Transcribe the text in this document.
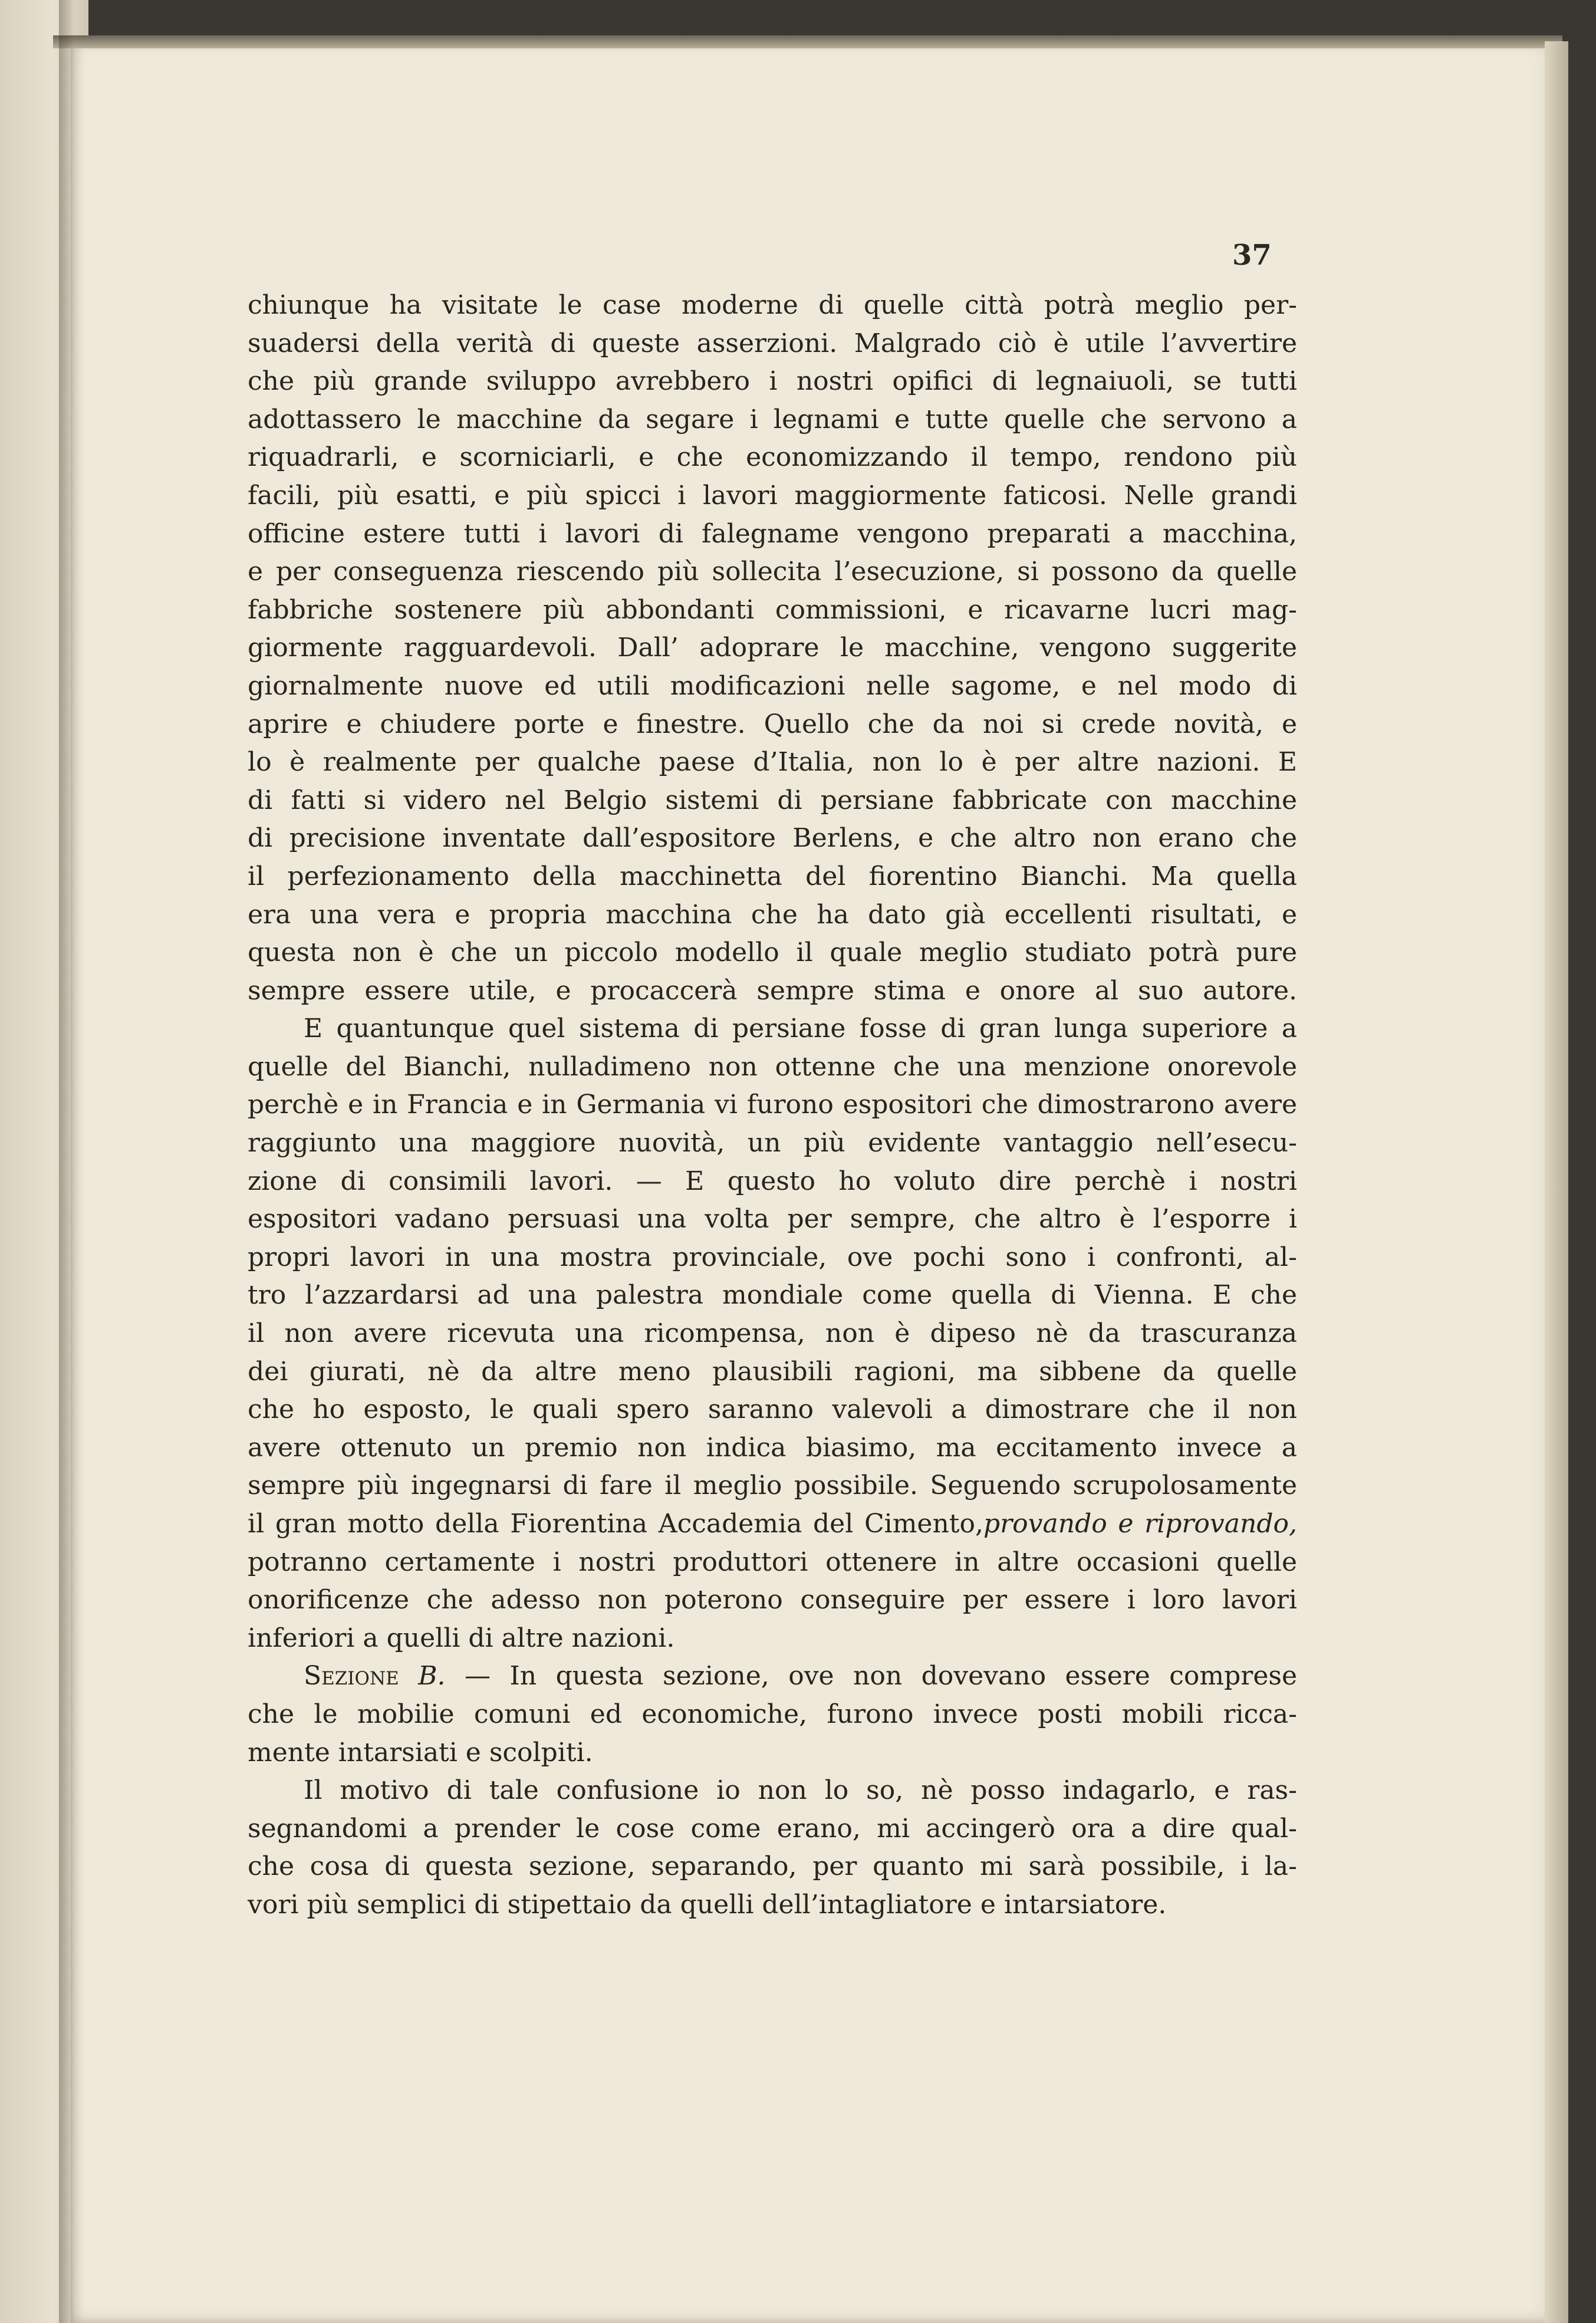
37
chiunque ha visitate le case moderne di quelle città potrà meglio per-
suadersi della verità di queste asserzioni. Malgrado ciò è utile l’avvertire
che più grande sviluppo avrebbero i nostri opifici di legnaiuoli, se tutti
adottassero le macchine da segare i legnami e tutte quelle che servono a
riquadrarli, e scorniciarli, e che economizzando il tempo, rendono più
facili, più esatti, e più spicci i lavori maggiormente faticosi. Nelle grandi
officine estere tutti i lavori di falegname vengono preparati a macchina,
e per conseguenza riescendo più sollecita l’esecuzione, si possono da quelle
fabbriche sostenere più abbondanti commissioni, e ricavarne lucri mag-
giormente ragguardevoli. Dall’ adoprare le macchine, vengono suggerite
giornalmente nuove ed utili modificazioni nelle sagome, e nel modo di
aprire e chiudere porte e finestre. Quello che da noi si crede novità, e
lo è realmente per qualche paese d’Italia, non lo è per altre nazioni. E
di fatti si videro nel Belgio sistemi di persiane fabbricate con macchine
di precisione inventate dall’espositore Berlens, e che altro non erano che
il perfezionamento della macchinetta del fiorentino Bianchi. Ma quella
era una vera e propria macchina che ha dato già eccellenti risultati, e
questa non è che un piccolo modello il quale meglio studiato potrà pure
sempre essere utile, e procaccerà sempre stima e onore al suo autore.
E quantunque quel sistema di persiane fosse di gran lunga superiore a
quelle del Bianchi, nulladimeno non ottenne che una menzione onorevole
perchè e in Francia e in Germania vi furono espositori che dimostrarono avere
raggiunto una maggiore nuovità, un più evidente vantaggio nell’esecu-
zione di consimili lavori. — E questo ho voluto dire perchè i nostri
espositori vadano persuasi una volta per sempre, che altro è l’esporre i
propri lavori in una mostra provinciale, ove pochi sono i confronti, al-
tro l’azzardarsi ad una palestra mondiale come quella di Vienna. E che
il non avere ricevuta una ricompensa, non è dipeso nè da trascuranza
dei giurati, nè da altre meno plausibili ragioni, ma sibbene da quelle
che ho esposto, le quali spero saranno valevoli a dimostrare che il non
avere ottenuto un premio non indica biasimo, ma eccitamento invece a
sempre più ingegnarsi di fare il meglio possibile. Seguendo scrupolosamente
il gran motto della Fiorentina Accademia del Cimento,provando e riprovando,
potranno certamente i nostri produttori ottenere in altre occasioni quelle
onorificenze che adesso non poterono conseguire per essere i loro lavori
inferiori a quelli di altre nazioni.
Sezione B. — In questa sezione, ove non dovevano essere comprese
che le mobilie comuni ed economiche, furono invece posti mobili ricca-
mente intarsiati e scolpiti.
Il motivo di tale confusione io non lo so, nè posso indagarlo, e ras-
segnandomi a prender le cose come erano, mi accingerò ora a dire qual-
che cosa di questa sezione, separando, per quanto mi sarà possibile, i la-
vori più semplici di stipettaio da quelli dell’intagliatore e intarsiatore.
